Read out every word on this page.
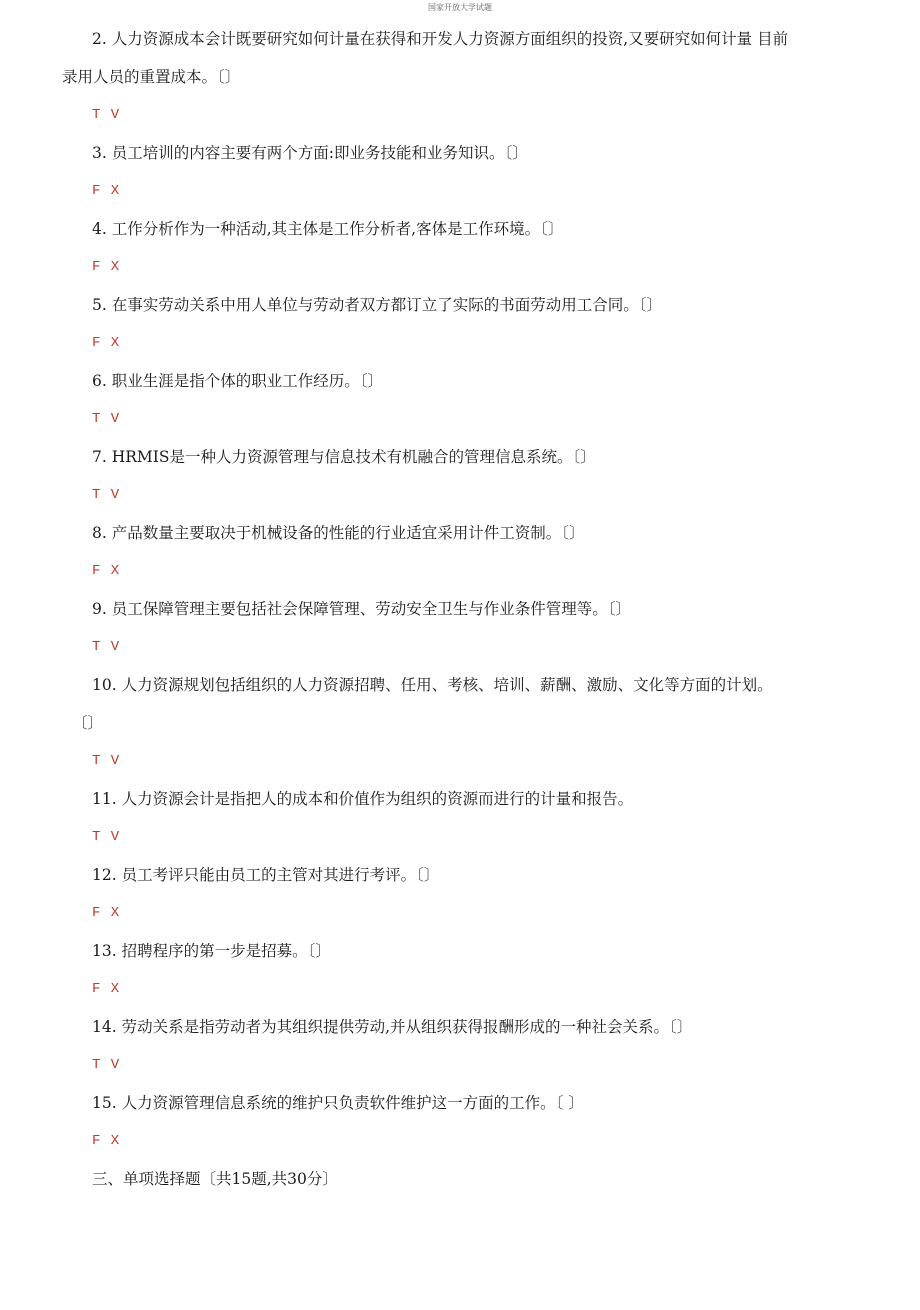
国家开放大学试题
2. 人力资源成本会计既要研究如何计量在获得和开发人力资源方面组织的投资,又要研究如何计量 目前
录用人员的重置成本。〔〕
T V
3. 员工培训的内容主要有两个方面:即业务技能和业务知识。〔〕
F X
4. 工作分析作为一种活动,其主体是工作分析者,客体是工作环境。〔〕
F X
5. 在事实劳动关系中用人单位与劳动者双方都订立了实际的书面劳动用工合同。〔〕
F X
6. 职业生涯是指个体的职业工作经历。〔〕
T V
7. HRMIS是一种人力资源管理与信息技术有机融合的管理信息系统。〔〕
T V
8. 产品数量主要取决于机械设备的性能的行业适宜采用计件工资制。〔〕
F X
9. 员工保障管理主要包括社会保障管理、劳动安全卫生与作业条件管理等。〔〕
T V
10. 人力资源规划包括组织的人力资源招聘、任用、考核、培训、薪酬、激励、文化等方面的计划。
〔〕
T V
11. 人力资源会计是指把人的成本和价值作为组织的资源而进行的计量和报告。
T V
12. 员工考评只能由员工的主管对其进行考评。〔〕
F X
13. 招聘程序的第一步是招募。〔〕
F X
14. 劳动关系是指劳动者为其组织提供劳动,并从组织获得报酬形成的一种社会关系。〔〕
T V
15. 人力资源管理信息系统的维护只负责软件维护这一方面的工作。〔 〕
F X
三、单项选择题〔共15题,共30分〕
